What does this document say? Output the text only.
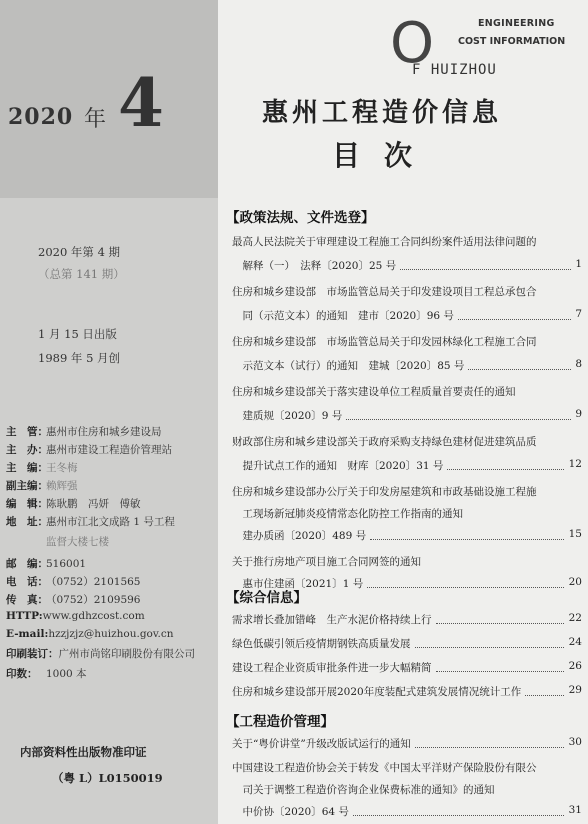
2020 年 4
O	ENGINEERING
COST INFORMATION
F HUIZHOU
惠州工程造价信息
目次
2020 年第 4 期
（总第 141 期）
1 月 15 日出版
1989 年 5 月创
主　管：惠州市住房和城乡建设局
主　办：惠州市建设工程造价管理站
主　编：王冬梅
副主编：赖辉强
编　辑：陈耿鹏　冯妍　傅敏
地　址：惠州市江北文成路 1 号工程
监督大楼七楼
邮　编：516001
电　话：（0752）2101565
传　真：（0752）2109596
HTTP:www.gdhzcost.com
E-mail:hzzjzjz@huizhou.gov.cn
印刷装订：广州市尚铭印刷股份有限公司
印数： 1000 本
内部资料性出版物准印证
（粤 L）L0150019
【政策法规、文件选登】
【综合信息】
【工程造价管理】
最高人民法院关于审理建设工程施工合同纠纷案件适用法律问题的
　解释（一）　法释〔2020〕25 号	1
住房和城乡建设部　市场监管总局关于印发建设项目工程总承包合
　同（示范文本）的通知　建市〔2020〕96 号	7
住房和城乡建设部　市场监管总局关于印发园林绿化工程施工合同
　示范文本（试行）的通知　建城〔2020〕85 号	8
住房和城乡建设部关于落实建设单位工程质量首要责任的通知
　建质规〔2020〕9 号	9
财政部住房和城乡建设部关于政府采购支持绿色建材促进建筑品质
　提升试点工作的通知　财库〔2020〕31 号	12
住房和城乡建设部办公厅关于印发房屋建筑和市政基础设施工程施
　工现场新冠肺炎疫情常态化防控工作指南的通知
　建办质函〔2020〕489 号	15
关于推行房地产项目施工合同网签的通知
　惠市住建函〔2021〕1 号	20
需求增长叠加错峰　生产水泥价格持续上行	22
绿色低碳引领后疫情期钢铁高质量发展	24
建设工程企业资质审批条件进一步大幅精简	26
住房和城乡建设部开展2020年度装配式建筑发展情况统计工作	29
关于“粤价讲堂”升级改版试运行的通知	30
中国建设工程造价协会关于转发《中国太平洋财产保险股份有限公
　司关于调整工程造价咨询企业保费标准的通知》的通知
　中价协〔2020〕64 号	31
